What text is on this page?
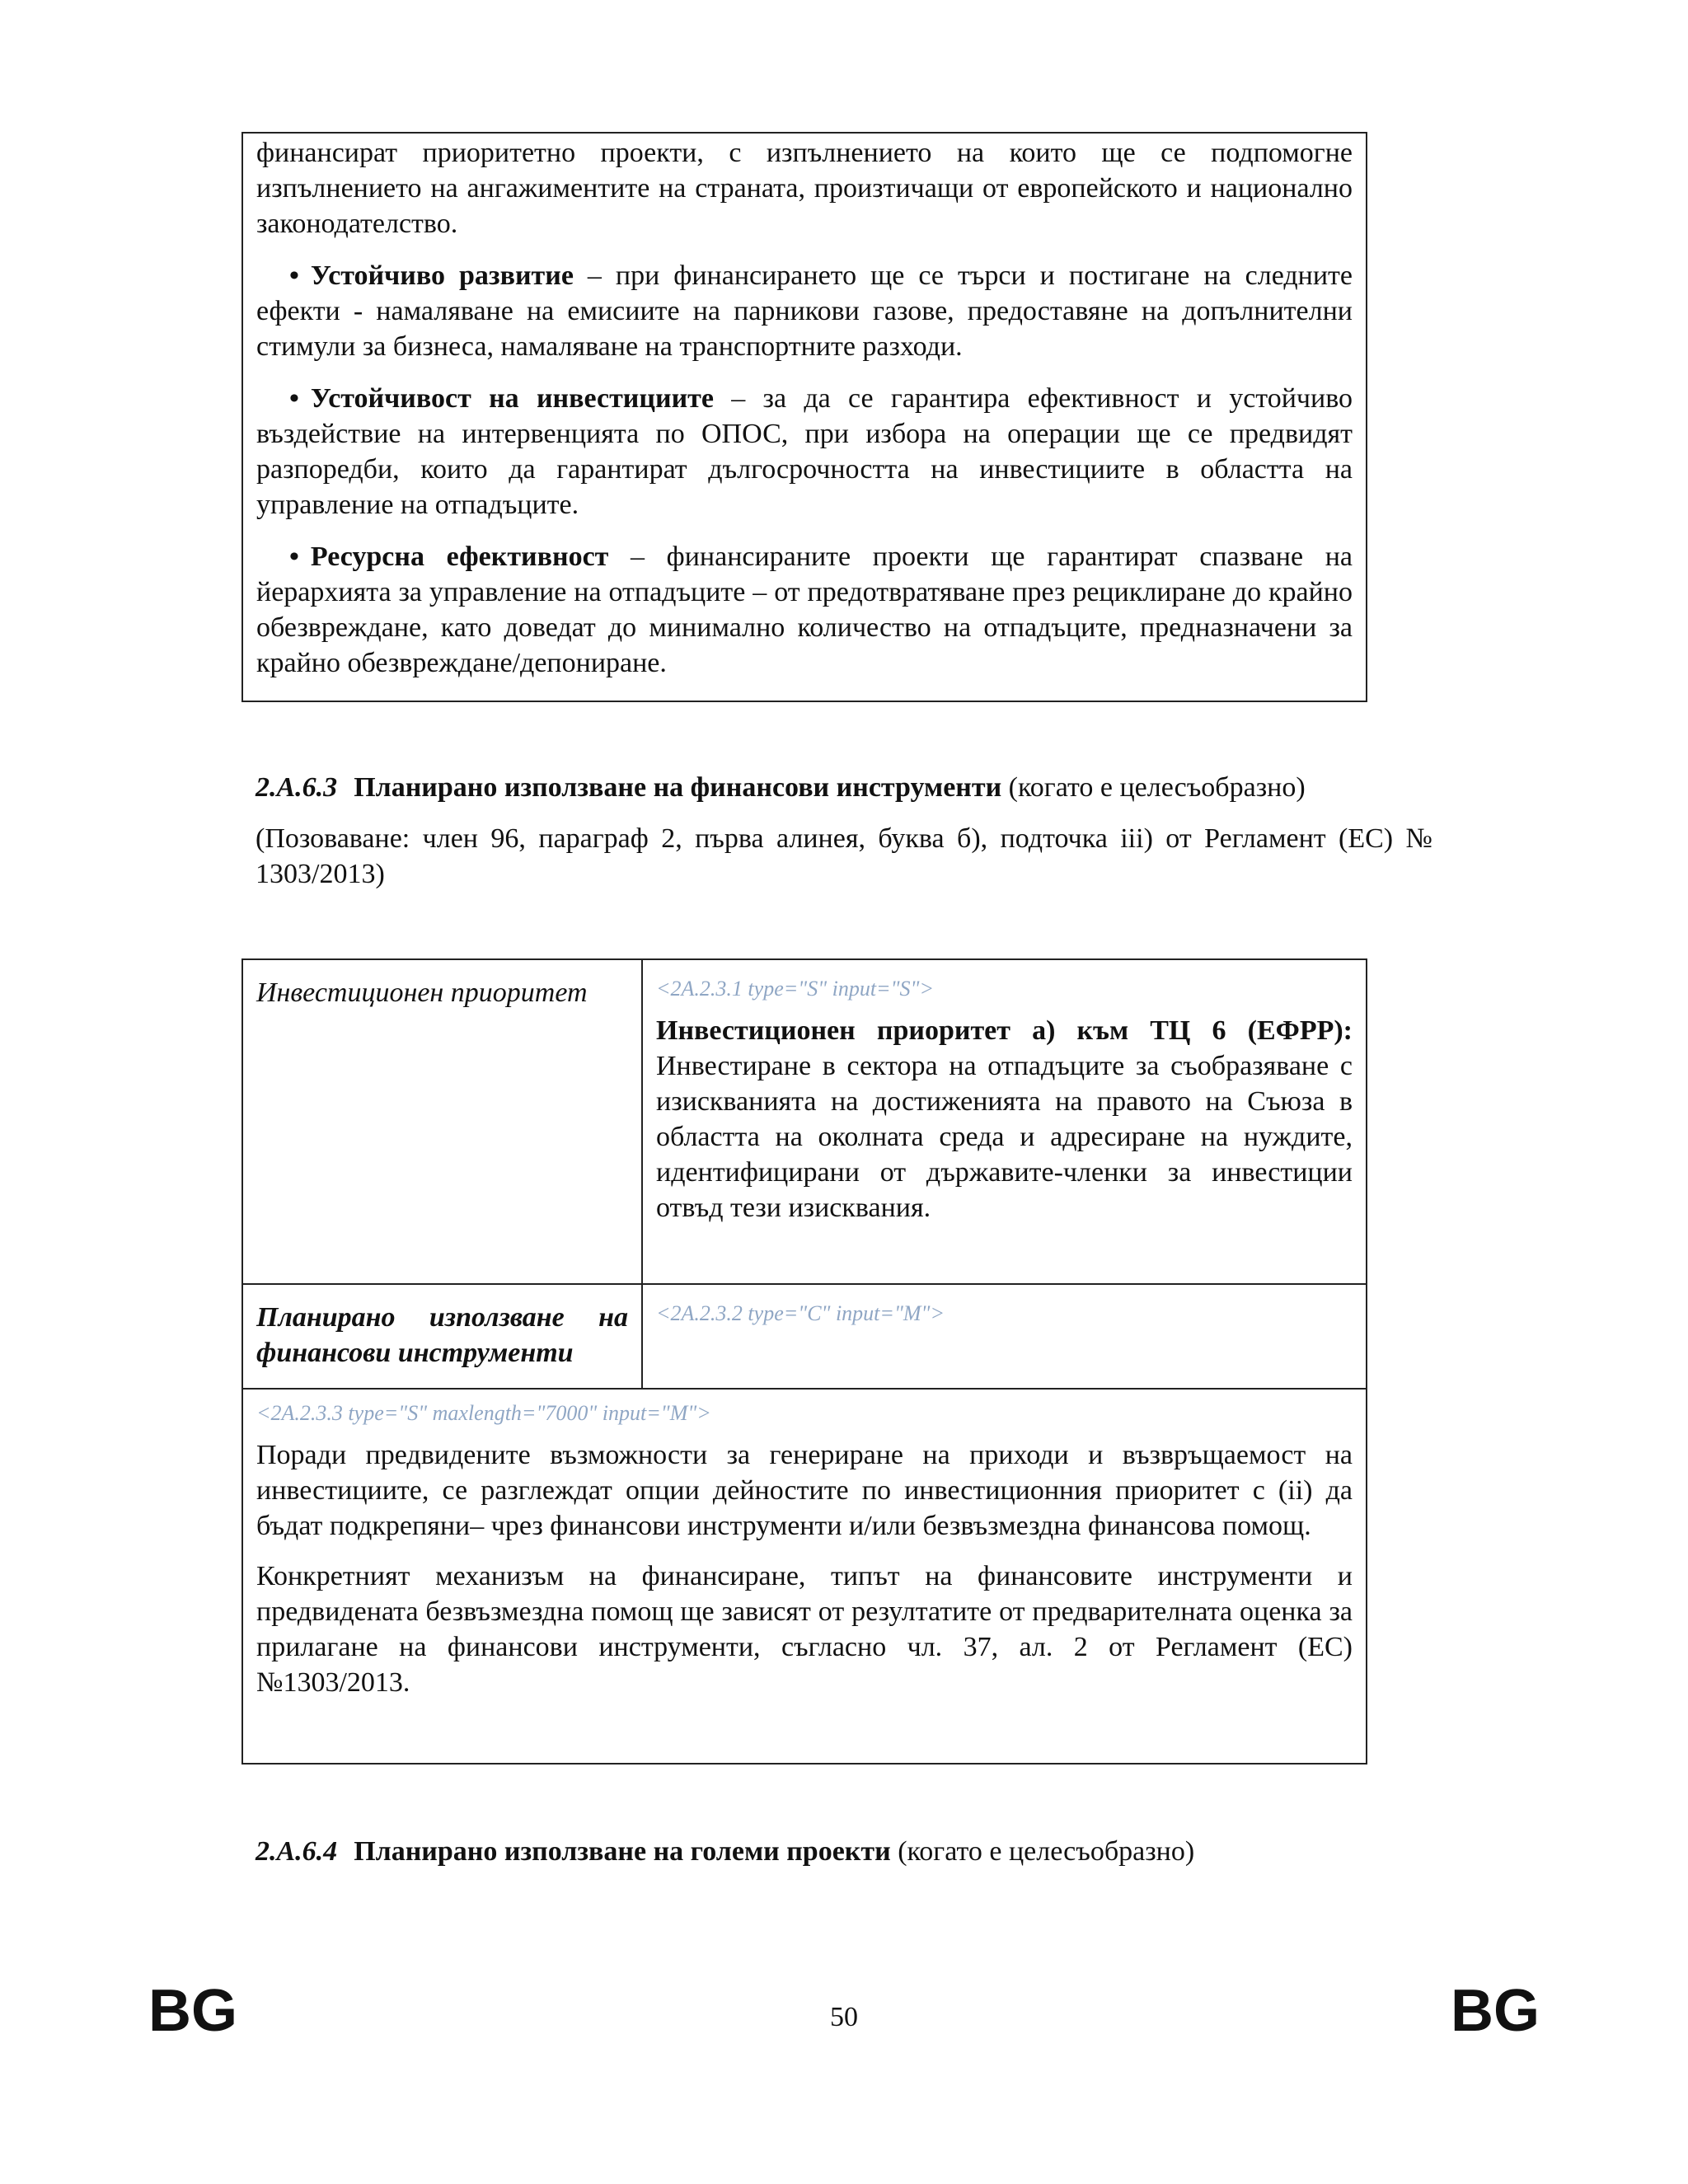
финансират приоритетно проекти, с изпълнението на които ще се подпомогне изпълнението на ангажиментите на страната, произтичащи от европейското и национално законодателство.

• Устойчиво развитие – при финансирането ще се търси и постигане на следните ефекти - намаляване на емисиите на парникови газове, предоставяне на допълнителни стимули за бизнеса, намаляване на транспортните разходи.

• Устойчивост на инвестициите – за да се гарантира ефективност и устойчиво въздействие на интервенцията по ОПОС, при избора на операции ще се предвидят разпоредби, които да гарантират дългосрочността на инвестициите в областта на управление на отпадъците.

• Ресурсна ефективност – финансираните проекти ще гарантират спазване на йерархията за управление на отпадъците – от предотвратяване през рециклиране до крайно обезвреждане, като доведат до минимално количество на отпадъците, предназначени за крайно обезвреждане/депониране.

2.A.6.3 Планирано използване на финансови инструменти (когато е целесъобразно)

(Позоваване: член 96, параграф 2, първа алинея, буква б), подточка iii) от Регламент (ЕС) № 1303/2013)

Инвестиционен приоритет	<2A.2.3.1 type="S" input="S">

Инвестиционен приоритет а) към ТЦ 6 (ЕФРР):

Инвестиране в сектора на отпадъците за съобразяване с изискванията на достиженията на правото на Съюза в областта на околната среда и адресиране на нуждите, идентифицирани от държавите-членки за инвестиции отвъд тези изисквания.

Планирано използване на финансови инструменти	<2A.2.3.2 type="C" input="M">

<2A.2.3.3 type="S" maxlength="7000" input="M">

Поради предвидените възможности за генериране на приходи и възвръщаемост на инвестициите, се разглеждат опции дейностите по инвестиционния приоритет с (ii) да бъдат подкрепяни– чрез финансови инструменти и/или безвъзмездна финансова помощ.

Конкретният механизъм на финансиране, типът на финансовите инструменти и предвидената безвъзмездна помощ ще зависят от резултатите от предварителната оценка за прилагане на финансови инструменти, съгласно чл. 37, ал. 2 от Регламент (ЕС) №1303/2013.	

2.A.6.4 Планирано използване на големи проекти (когато е целесъобразно)

BG	50	BG
